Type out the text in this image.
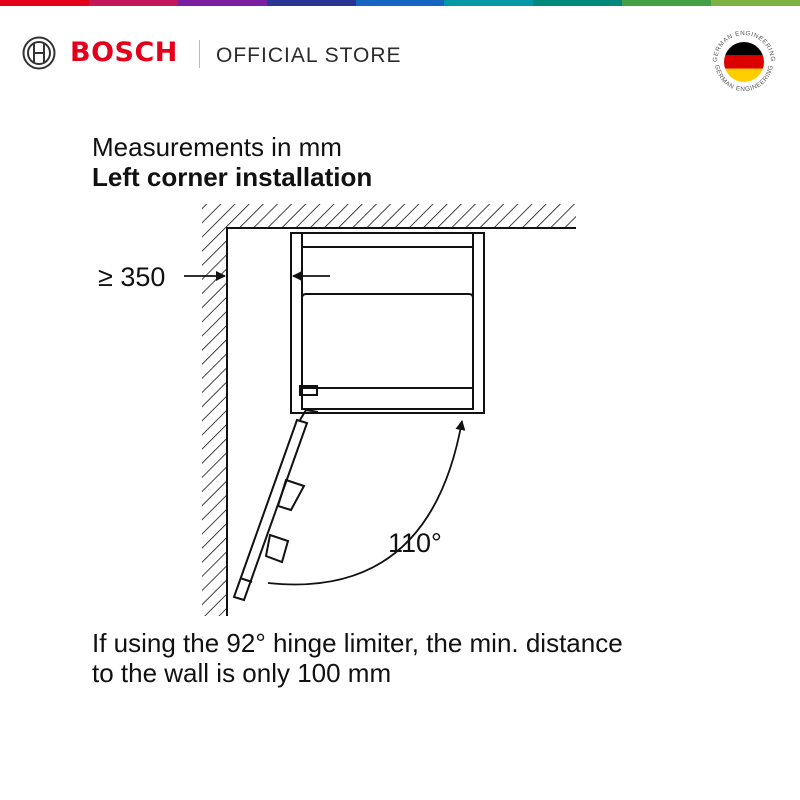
BOSCH OFFICIAL STORE	GERMAN ENGINEERING
GERMAN ENGINEERING
Measurements in mm
Left corner installation
≥ 350
110°
If using the 92° hinge limiter, the min. distance
to the wall is only 100 mm
